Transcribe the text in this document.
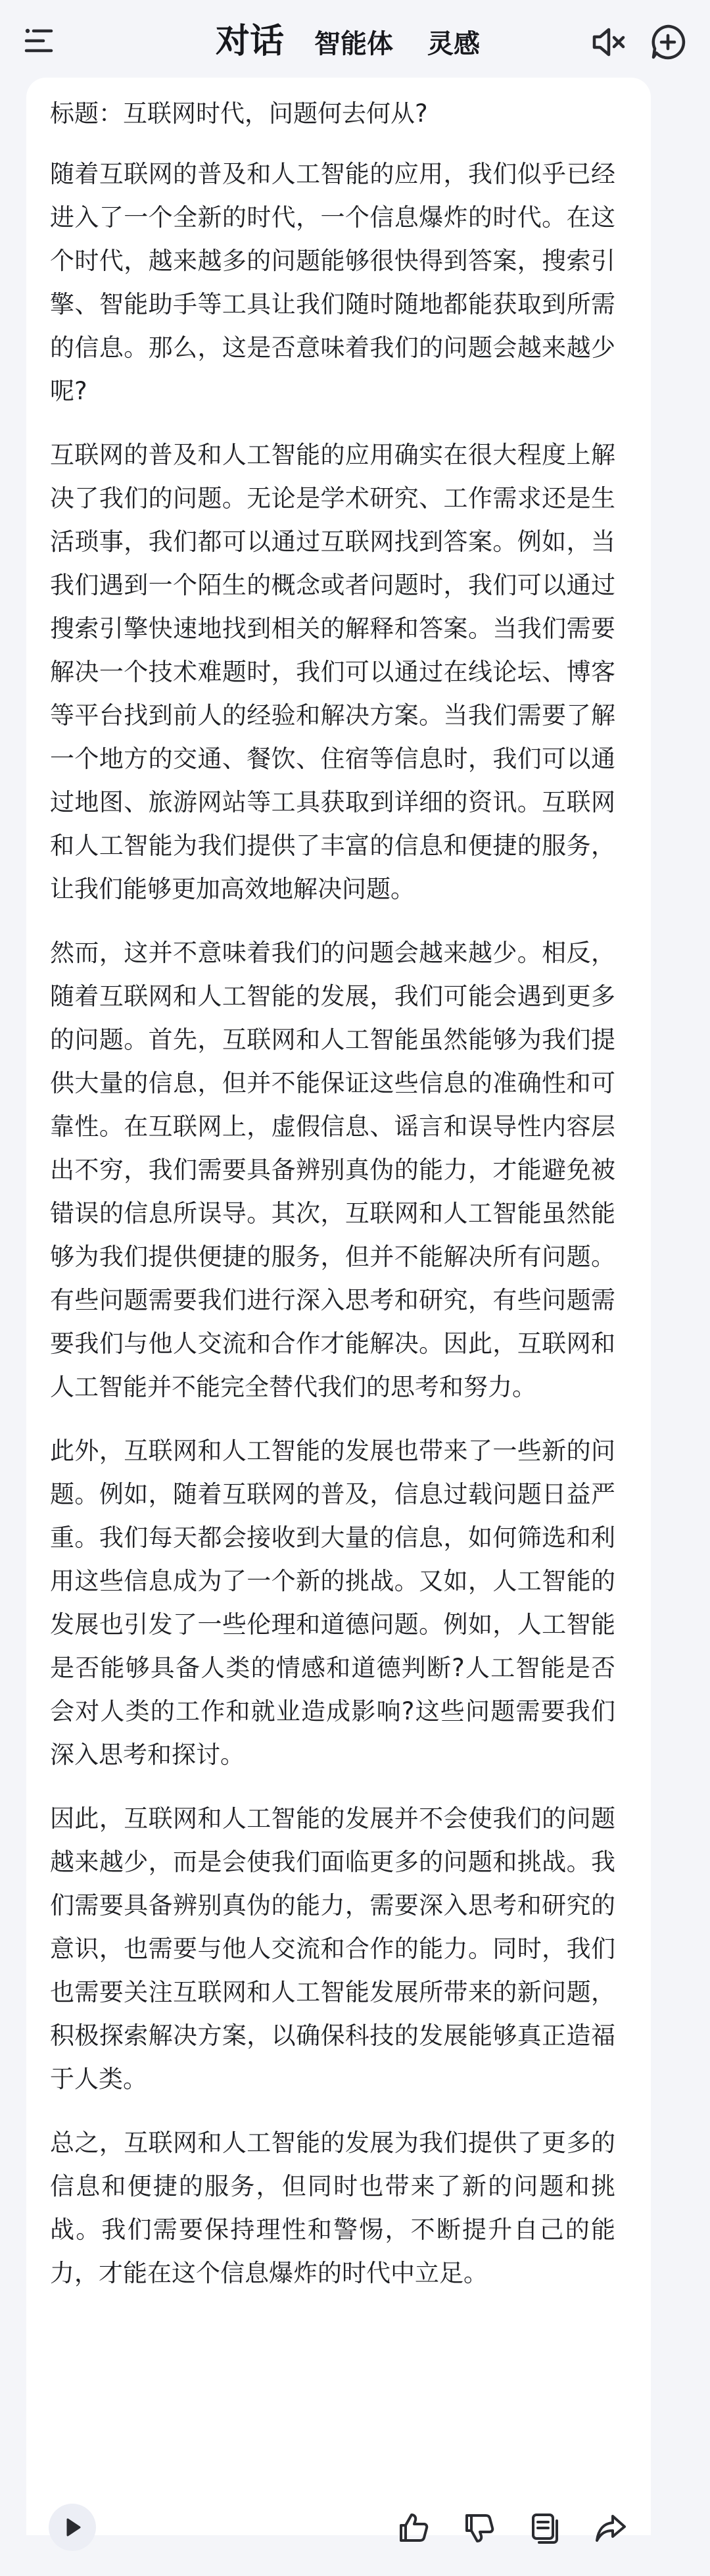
对话 智能体 灵感

标题：互联网时代，问题何去何从?

随着互联网的普及和人工智能的应用，我们似乎已经进入了一个全新的时代，一个信息爆炸的时代。在这个时代，越来越多的问题能够很快得到答案，搜索引擎、智能助手等工具让我们随时随地都能获取到所需的信息。那么，这是否意味着我们的问题会越来越少呢?

互联网的普及和人工智能的应用确实在很大程度上解决了我们的问题。无论是学术研究、工作需求还是生活琐事，我们都可以通过互联网找到答案。例如，当我们遇到一个陌生的概念或者问题时，我们可以通过搜索引擎快速地找到相关的解释和答案。当我们需要解决一个技术难题时，我们可以通过在线论坛、博客等平台找到前人的经验和解决方案。当我们需要了解一个地方的交通、餐饮、住宿等信息时，我们可以通过地图、旅游网站等工具获取到详细的资讯。互联网和人工智能为我们提供了丰富的信息和便捷的服务，让我们能够更加高效地解决问题。

然而，这并不意味着我们的问题会越来越少。相反，随着互联网和人工智能的发展，我们可能会遇到更多的问题。首先，互联网和人工智能虽然能够为我们提供大量的信息，但并不能保证这些信息的准确性和可靠性。在互联网上，虚假信息、谣言和误导性内容层出不穷，我们需要具备辨别真伪的能力，才能避免被错误的信息所误导。其次，互联网和人工智能虽然能够为我们提供便捷的服务，但并不能解决所有问题。有些问题需要我们进行深入思考和研究，有些问题需要我们与他人交流和合作才能解决。因此，互联网和人工智能并不能完全替代我们的思考和努力。

此外，互联网和人工智能的发展也带来了一些新的问题。例如，随着互联网的普及，信息过载问题日益严重。我们每天都会接收到大量的信息，如何筛选和利用这些信息成为了一个新的挑战。又如，人工智能的发展也引发了一些伦理和道德问题。例如，人工智能是否能够具备人类的情感和道德判断?人工智能是否会对人类的工作和就业造成影响?这些问题需要我们深入思考和探讨。

因此，互联网和人工智能的发展并不会使我们的问题越来越少，而是会使我们面临更多的问题和挑战。我们需要具备辨别真伪的能力，需要深入思考和研究的意识，也需要与他人交流和合作的能力。同时，我们也需要关注互联网和人工智能发展所带来的新问题，积极探索解决方案，以确保科技的发展能够真正造福于人类。

总之，互联网和人工智能的发展为我们提供了更多的信息和便捷的服务，但同时也带来了新的问题和挑战。我们需要保持理性和警惕，不断提升自己的能力，才能在这个信息爆炸的时代中立足。
